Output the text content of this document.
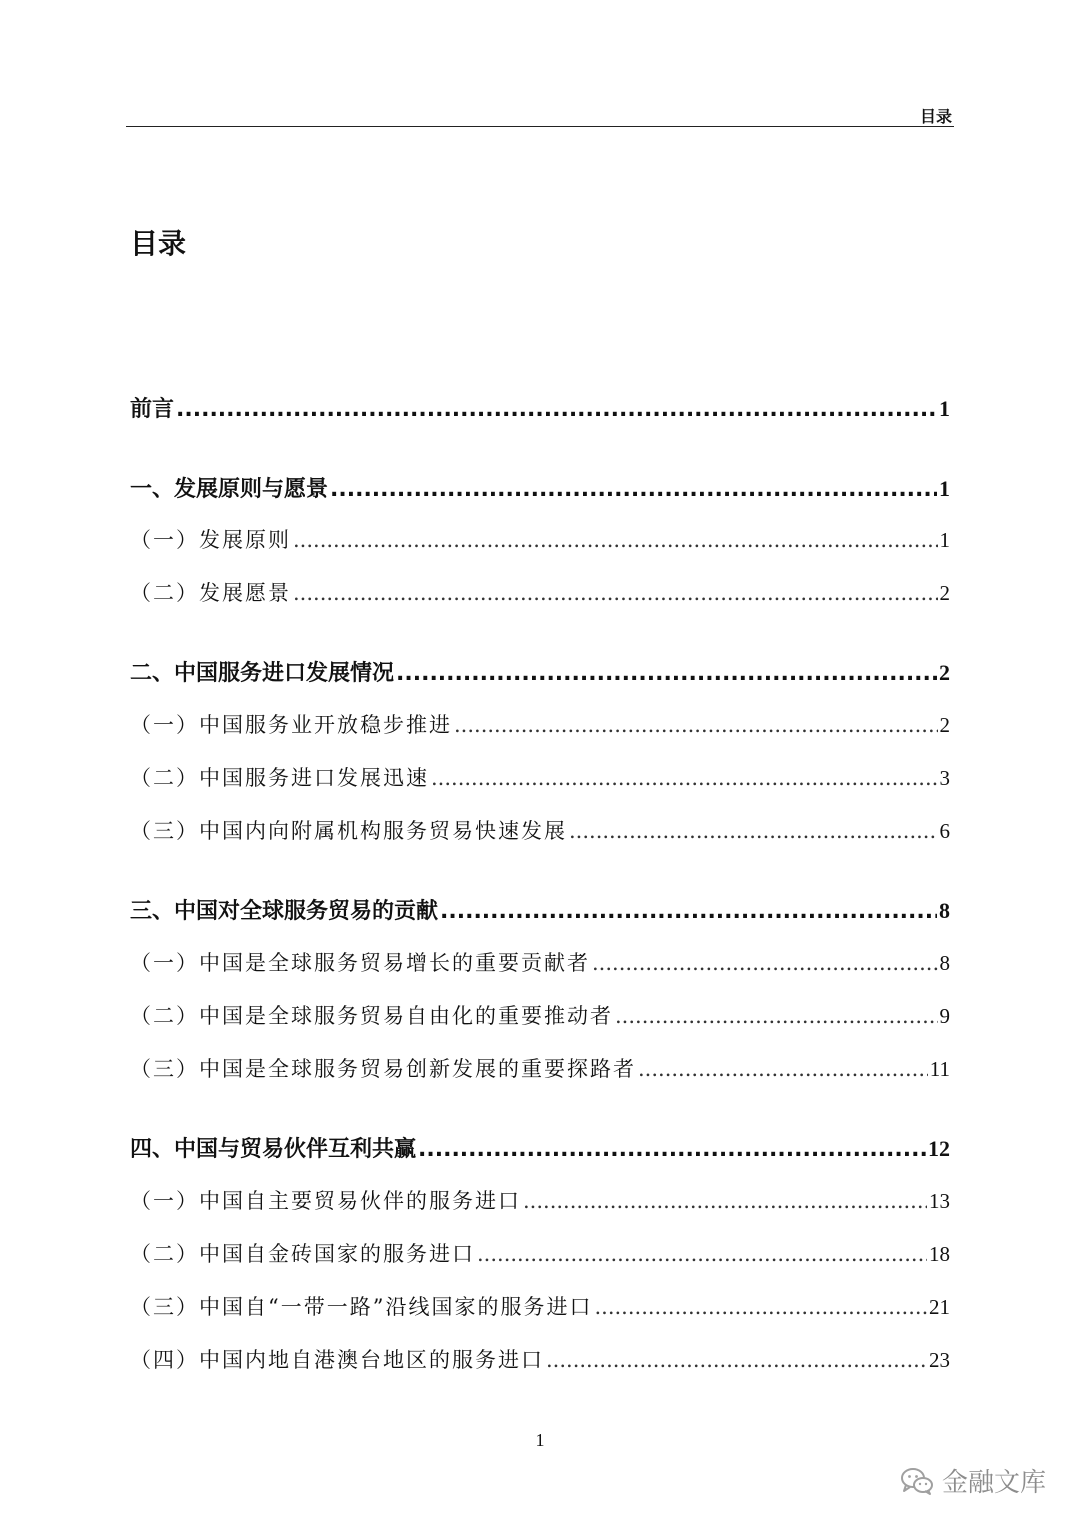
目录
目录
前言 .....	1
一、发展原则与愿景 .....	1
（一）发展原则 .....	1
（二）发展愿景 .....	2
二、中国服务进口发展情况 .....	2
（一）中国服务业开放稳步推进 .....	2
（二）中国服务进口发展迅速 .....	3
（三）中国内向附属机构服务贸易快速发展 .....	6
三、中国对全球服务贸易的贡献 .....	8
（一）中国是全球服务贸易增长的重要贡献者 .....	8
（二）中国是全球服务贸易自由化的重要推动者 .....	9
（三）中国是全球服务贸易创新发展的重要探路者 .....	11
四、中国与贸易伙伴互利共赢 .....	12
（一）中国自主要贸易伙伴的服务进口 .....	13
（二）中国自金砖国家的服务进口 .....	18
（三）中国自“一带一路”沿线国家的服务进口 .....	21
（四）中国内地自港澳台地区的服务进口 .....	23
1
金融文库
